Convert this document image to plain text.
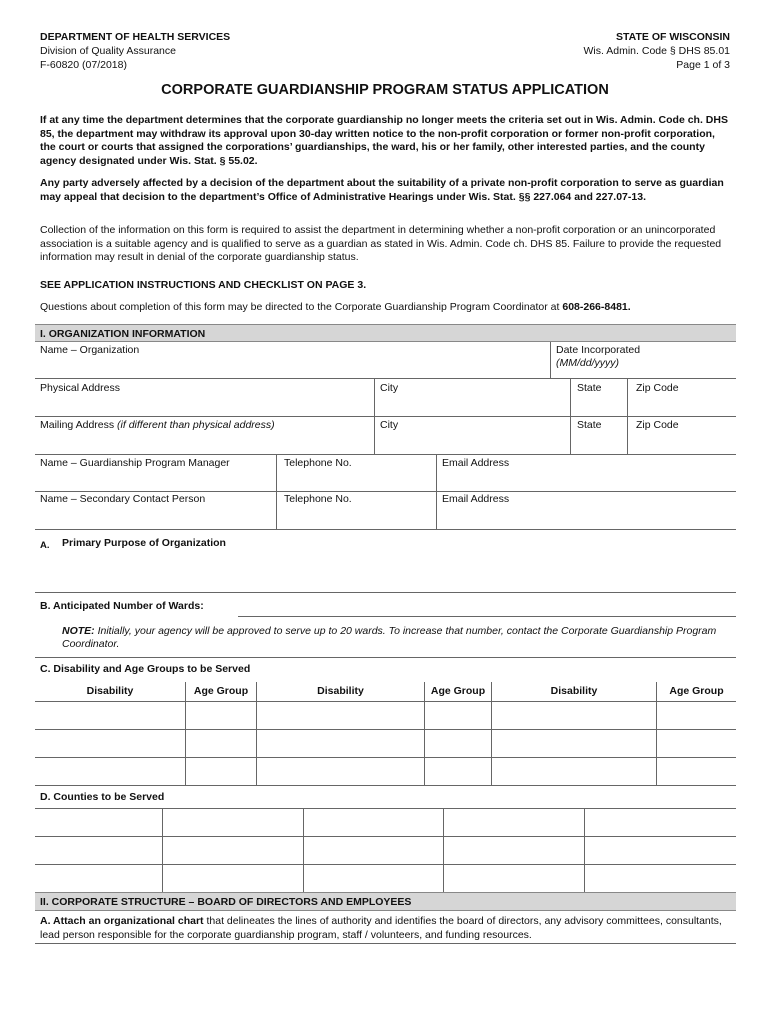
DEPARTMENT OF HEALTH SERVICES
Division of Quality Assurance
F-60820 (07/2018)
STATE OF WISCONSIN
Wis. Admin. Code § DHS 85.01
Page 1 of 3
CORPORATE GUARDIANSHIP PROGRAM STATUS APPLICATION
If at any time the department determines that the corporate guardianship no longer meets the criteria set out in Wis. Admin. Code ch. DHS 85, the department may withdraw its approval upon 30-day written notice to the non-profit corporation or former non-profit corporation, the court or courts that assigned the corporations’ guardianships, the ward, his or her family, other interested parties, and the county agency designated under Wis. Stat. § 55.02.
Any party adversely affected by a decision of the department about the suitability of a private non-profit corporation to serve as guardian may appeal that decision to the department’s Office of Administrative Hearings under Wis. Stat. §§ 227.064 and 227.07-13.
Collection of the information on this form is required to assist the department in determining whether a non-profit corporation or an unincorporated association is a suitable agency and is qualified to serve as a guardian as stated in Wis. Admin. Code ch. DHS 85. Failure to provide the requested information may result in denial of the corporate guardianship status.
SEE APPLICATION INSTRUCTIONS AND CHECKLIST ON PAGE 3.
Questions about completion of this form may be directed to the Corporate Guardianship Program Coordinator at 608-266-8481.
I. ORGANIZATION INFORMATION
Name – Organization	Date Incorporated
(MM/dd/yyyy)
Physical Address	City	State	Zip Code
Mailing Address (if different than physical address)	City	State	Zip Code
Name – Guardianship Program Manager	Telephone No.	Email Address
Name – Secondary Contact Person	Telephone No.	Email Address
A. Primary Purpose of Organization
B. Anticipated Number of Wards:
NOTE: Initially, your agency will be approved to serve up to 20 wards. To increase that number, contact the Corporate Guardianship Program Coordinator.
C. Disability and Age Groups to be Served
Disability	Age Group	Disability	Age Group	Disability	Age Group
D. Counties to be Served
II. CORPORATE STRUCTURE – BOARD OF DIRECTORS AND EMPLOYEES
A. Attach an organizational chart that delineates the lines of authority and identifies the board of directors, any advisory committees, consultants, lead person responsible for the corporate guardianship program, staff / volunteers, and funding resources.
